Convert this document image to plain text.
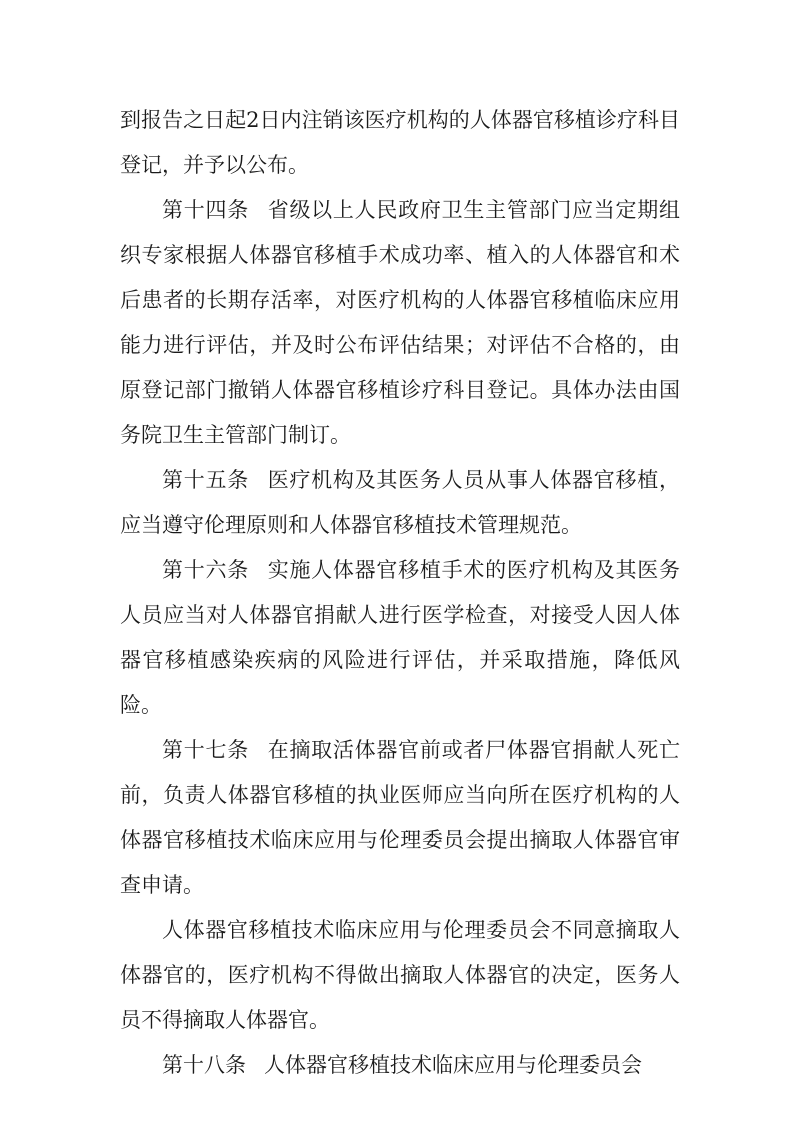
到报告之日起2日内注销该医疗机构的人体器官移植诊疗科目登记，并予以公布。

第十四条 省级以上人民政府卫生主管部门应当定期组织专家根据人体器官移植手术成功率、植入的人体器官和术后患者的长期存活率，对医疗机构的人体器官移植临床应用能力进行评估，并及时公布评估结果；对评估不合格的，由原登记部门撤销人体器官移植诊疗科目登记。具体办法由国务院卫生主管部门制订。

第十五条 医疗机构及其医务人员从事人体器官移植，应当遵守伦理原则和人体器官移植技术管理规范。

第十六条 实施人体器官移植手术的医疗机构及其医务人员应当对人体器官捐献人进行医学检查，对接受人因人体器官移植感染疾病的风险进行评估，并采取措施，降低风险。

第十七条 在摘取活体器官前或者尸体器官捐献人死亡前，负责人体器官移植的执业医师应当向所在医疗机构的人体器官移植技术临床应用与伦理委员会提出摘取人体器官审查申请。

人体器官移植技术临床应用与伦理委员会不同意摘取人体器官的，医疗机构不得做出摘取人体器官的决定，医务人员不得摘取人体器官。

第十八条 人体器官移植技术临床应用与伦理委员会
